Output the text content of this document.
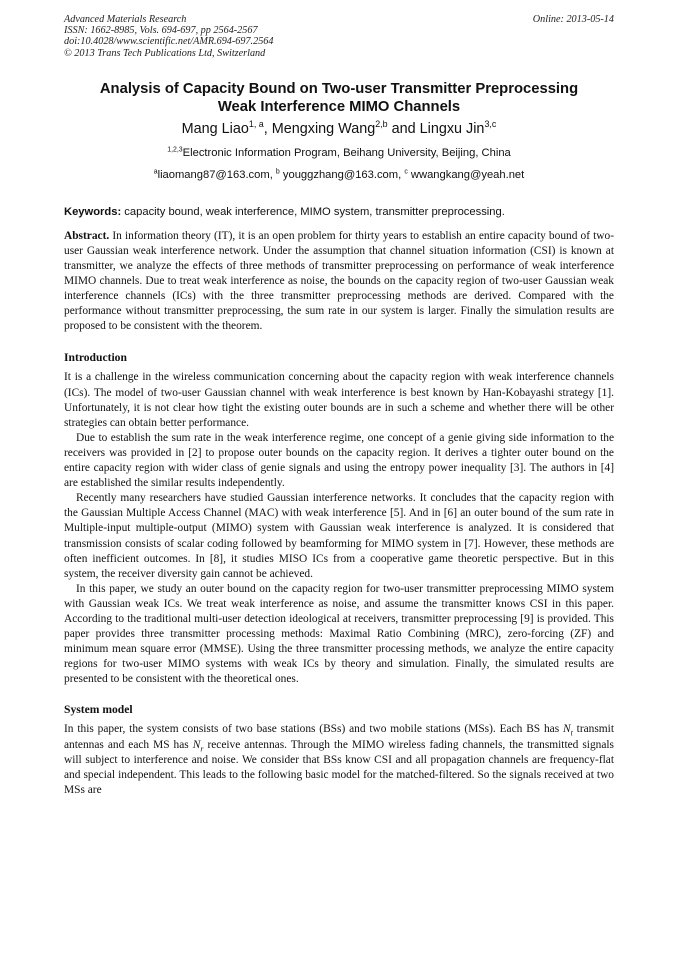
Advanced Materials Research
ISSN: 1662-8985, Vols. 694-697, pp 2564-2567
doi:10.4028/www.scientific.net/AMR.694-697.2564
© 2013 Trans Tech Publications Ltd, Switzerland
Online: 2013-05-14
Analysis of Capacity Bound on Two-user Transmitter Preprocessing
Weak Interference MIMO Channels
Mang Liao$^{1, a}$, Mengxing Wang$^{2,b}$ and Lingxu Jin$^{3,c}$
$^{1,2,3}$Electronic Information Program, Beihang University, Beijing, China
$^a$liaomang87@163.com, $^b$ youggzhang@163.com, $^c$ wwangkang@yeah.net
Keywords: capacity bound, weak interference, MIMO system, transmitter preprocessing.

Abstract. In information theory (IT), it is an open problem for thirty years to establish an entire capacity bound of two-user Gaussian weak interference network. Under the assumption that channel situation information (CSI) is known at transmitter, we analyze the effects of three methods of transmitter preprocessing on performance of weak interference MIMO channels. Due to treat weak interference as noise, the bounds on the capacity region of two-user Gaussian weak interference channels (ICs) with the three transmitter preprocessing methods are derived. Compared with the performance without transmitter preprocessing, the sum rate in our system is larger. Finally the simulation results are proposed to be consistent with the theorem.

Introduction

It is a challenge in the wireless communication concerning about the capacity region with weak interference channels (ICs). The model of two-user Gaussian channel with weak interference is best known by Han-Kobayashi strategy [1]. Unfortunately, it is not clear how tight the existing outer bounds are in such a scheme and whether there will be other strategies can obtain better performance.

Due to establish the sum rate in the weak interference regime, one concept of a genie giving side information to the receivers was provided in [2] to propose outer bounds on the capacity region. It derives a tighter outer bound on the entire capacity region with wider class of genie signals and using the entropy power inequality [3]. The authors in [4] are established the similar results independently.

Recently many researchers have studied Gaussian interference networks. It concludes that the capacity region with the Gaussian Multiple Access Channel (MAC) with weak interference [5]. And in [6] an outer bound of the sum rate in Multiple-input multiple-output (MIMO) system with Gaussian weak interference is analyzed. It is considered that transmission consists of scalar coding followed by beamforming for MIMO system in [7]. However, these methods are often inefficient outcomes. In [8], it studies MISO ICs from a cooperative game theoretic perspective. But in this system, the receiver diversity gain cannot be achieved.

In this paper, we study an outer bound on the capacity region for two-user transmitter preprocessing MIMO system with Gaussian weak ICs. We treat weak interference as noise, and assume the transmitter knows CSI in this paper. According to the traditional multi-user detection ideological at receivers, transmitter preprocessing [9] is provided. This paper provides three transmitter processing methods: Maximal Ratio Combining (MRC), zero-forcing (ZF) and minimum mean square error (MMSE). Using the three transmitter processing methods, we analyze the entire capacity regions for two-user MIMO systems with weak ICs by theory and simulation. Finally, the simulated results are presented to be consistent with the theoretical ones.

System model

In this paper, the system consists of two base stations (BSs) and two mobile stations (MSs). Each BS has $N_t$ transmit antennas and each MS has $N_r$ receive antennas. Through the MIMO wireless fading channels, the transmitted signals will subject to interference and noise. We consider that BSs know CSI and all propagation channels are frequency-flat and special independent. This leads to the following basic model for the matched-filtered. So the signals received at two MSs are
